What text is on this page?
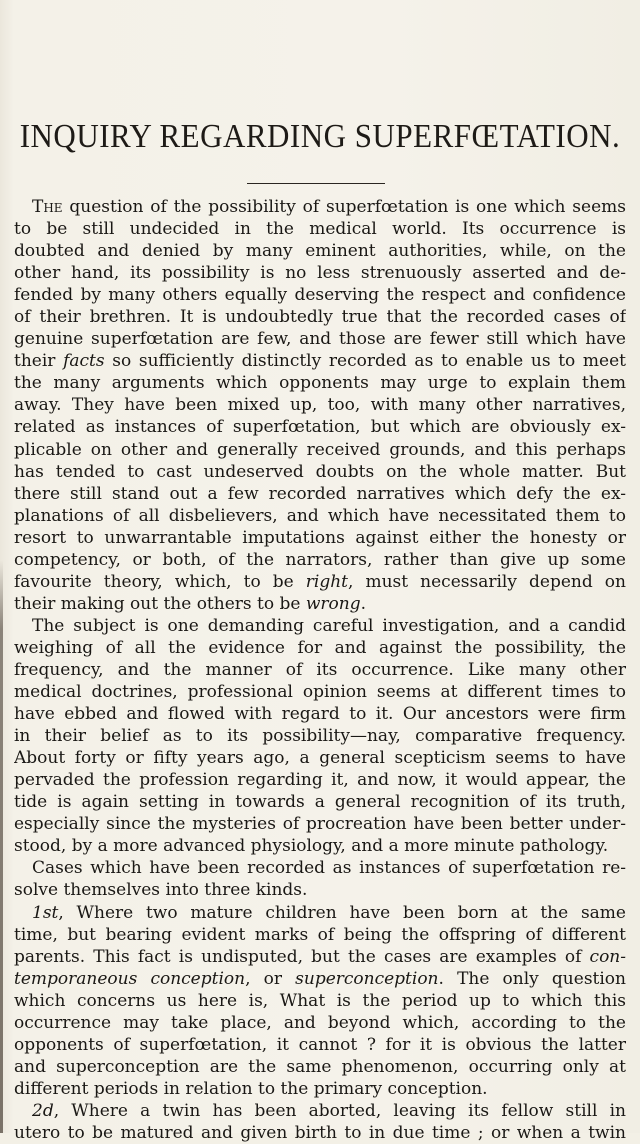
INQUIRY REGARDING SUPERFŒTATION.
The question of the possibility of superfœtation is one which seems
to be still undecided in the medical world. Its occurrence is
doubted and denied by many eminent authorities, while, on the
other hand, its possibility is no less strenuously asserted and de-
fended by many others equally deserving the respect and confidence
of their brethren. It is undoubtedly true that the recorded cases of
genuine superfœtation are few, and those are fewer still which have
their facts so sufficiently distinctly recorded as to enable us to meet
the many arguments which opponents may urge to explain them
away. They have been mixed up, too, with many other narratives,
related as instances of superfœtation, but which are obviously ex-
plicable on other and generally received grounds, and this perhaps
has tended to cast undeserved doubts on the whole matter. But
there still stand out a few recorded narratives which defy the ex-
planations of all disbelievers, and which have necessitated them to
resort to unwarrantable imputations against either the honesty or
competency, or both, of the narrators, rather than give up some
favourite theory, which, to be right, must necessarily depend on
their making out the others to be wrong.
The subject is one demanding careful investigation, and a candid
weighing of all the evidence for and against the possibility, the
frequency, and the manner of its occurrence. Like many other
medical doctrines, professional opinion seems at different times to
have ebbed and flowed with regard to it. Our ancestors were firm
in their belief as to its possibility—nay, comparative frequency.
About forty or fifty years ago, a general scepticism seems to have
pervaded the profession regarding it, and now, it would appear, the
tide is again setting in towards a general recognition of its truth,
especially since the mysteries of procreation have been better under-
stood, by a more advanced physiology, and a more minute pathology.
Cases which have been recorded as instances of superfœtation re-
solve themselves into three kinds.
1st, Where two mature children have been born at the same
time, but bearing evident marks of being the offspring of different
parents. This fact is undisputed, but the cases are examples of con-
temporaneous conception, or superconception. The only question
which concerns us here is, What is the period up to which this
occurrence may take place, and beyond which, according to the
opponents of superfœtation, it cannot ? for it is obvious the latter
and superconception are the same phenomenon, occurring only at
different periods in relation to the primary conception.
2d, Where a twin has been aborted, leaving its fellow still in
utero to be matured and given birth to in due time ; or when a twin
